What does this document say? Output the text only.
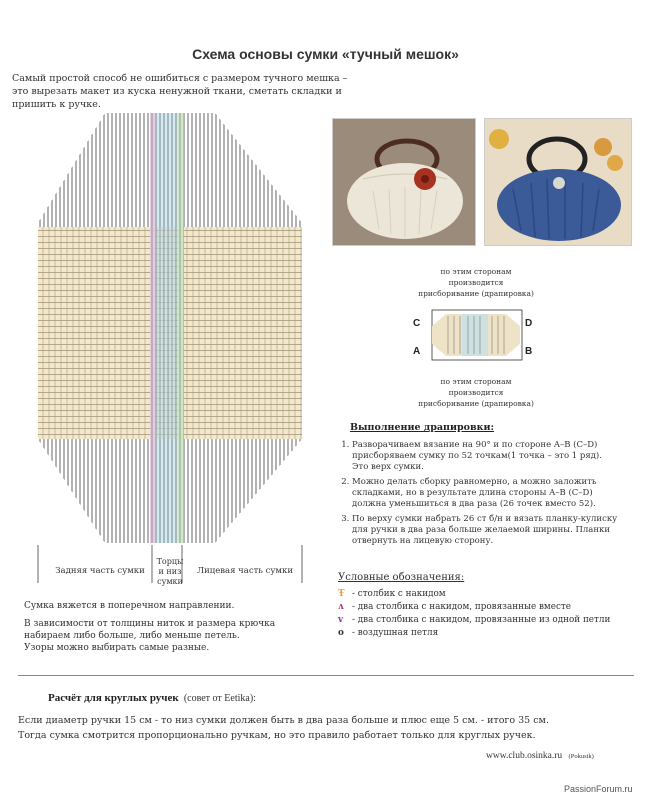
Схема основы сумки «тучный мешок»
Самый простой способ не ошибиться с размером тучного мешка – это вырезать макет из куска ненужной ткани, сметать складки и пришить к ручке.
Задняя часть сумки
Торцы и низ сумки
Лицевая часть сумки
Сумка вяжется в поперечном направлении.
В зависимости от толщины ниток и размера крючка набираем либо больше, либо меньше петель.
Узоры можно выбирать самые разные.
по этим сторонам производится присборивание (драпировка)
C	D
A	B
по этим сторонам производится присборивание (драпировка)
Выполнение драпировки:
1. Разворачиваем вязание на 90° и по стороне A–B (C–D) присборяваем сумку по 52 точкам(1 точка – это 1 ряд). Это верх сумки.
2. Можно делать сборку равномерно, а можно заложить складками, но в результате длина стороны A–B (C–D) должна уменьшиться в два раза (26 точек вместо 52).
3. По верху сумки набрать 26 ст б/н и вязать планку-кулиску для ручки в два раза больше желаемой ширины. Планки отвернуть на лицевую сторону.
Условные обозначения:
Ŧ - столбик с накидом
ʌ - два столбика с накидом, провязанные вместе
v - два столбика с накидом, провязанные из одной петли
o - воздушная петля
Расчёт для круглых ручек (совет от Eetika):
Если диаметр ручки 15 см - то низ сумки должен быть в два раза больше и плюс еще 5 см. - итого 35 см.
Тогда сумка смотрится пропорционально ручкам, но это правило работает только для круглых ручек.
www.club.osinka.ru (Pokusik)
PassionForum.ru
